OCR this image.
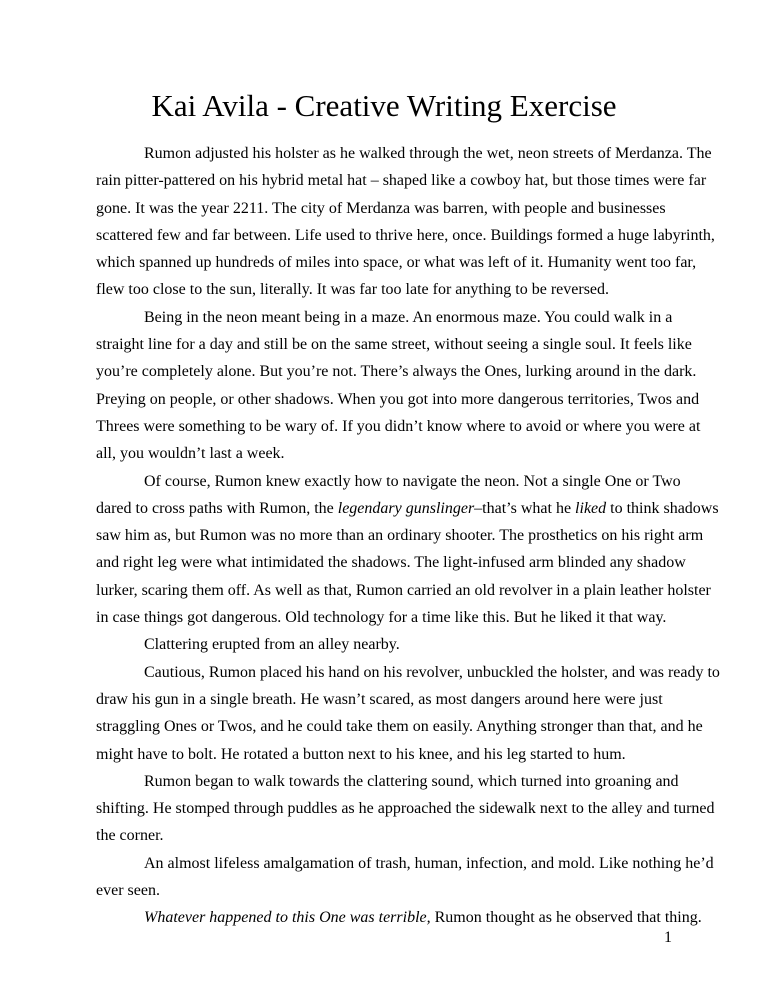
Kai Avila - Creative Writing Exercise
Rumon adjusted his holster as he walked through the wet, neon streets of Merdanza. The
rain pitter-pattered on his hybrid metal hat – shaped like a cowboy hat, but those times were far
gone. It was the year 2211. The city of Merdanza was barren, with people and businesses
scattered few and far between. Life used to thrive here, once. Buildings formed a huge labyrinth,
which spanned up hundreds of miles into space, or what was left of it. Humanity went too far,
flew too close to the sun, literally. It was far too late for anything to be reversed.
Being in the neon meant being in a maze. An enormous maze. You could walk in a
straight line for a day and still be on the same street, without seeing a single soul. It feels like
you’re completely alone. But you’re not. There’s always the Ones, lurking around in the dark.
Preying on people, or other shadows. When you got into more dangerous territories, Twos and
Threes were something to be wary of. If you didn’t know where to avoid or where you were at
all, you wouldn’t last a week.
Of course, Rumon knew exactly how to navigate the neon. Not a single One or Two
dared to cross paths with Rumon, the legendary gunslinger–that’s what he liked to think shadows
saw him as, but Rumon was no more than an ordinary shooter. The prosthetics on his right arm
and right leg were what intimidated the shadows. The light-infused arm blinded any shadow
lurker, scaring them off. As well as that, Rumon carried an old revolver in a plain leather holster
in case things got dangerous. Old technology for a time like this. But he liked it that way.
Clattering erupted from an alley nearby.
Cautious, Rumon placed his hand on his revolver, unbuckled the holster, and was ready to
draw his gun in a single breath. He wasn’t scared, as most dangers around here were just
straggling Ones or Twos, and he could take them on easily. Anything stronger than that, and he
might have to bolt. He rotated a button next to his knee, and his leg started to hum.
Rumon began to walk towards the clattering sound, which turned into groaning and
shifting. He stomped through puddles as he approached the sidewalk next to the alley and turned
the corner.
An almost lifeless amalgamation of trash, human, infection, and mold. Like nothing he’d
ever seen.
Whatever happened to this One was terrible, Rumon thought as he observed that thing.
1
